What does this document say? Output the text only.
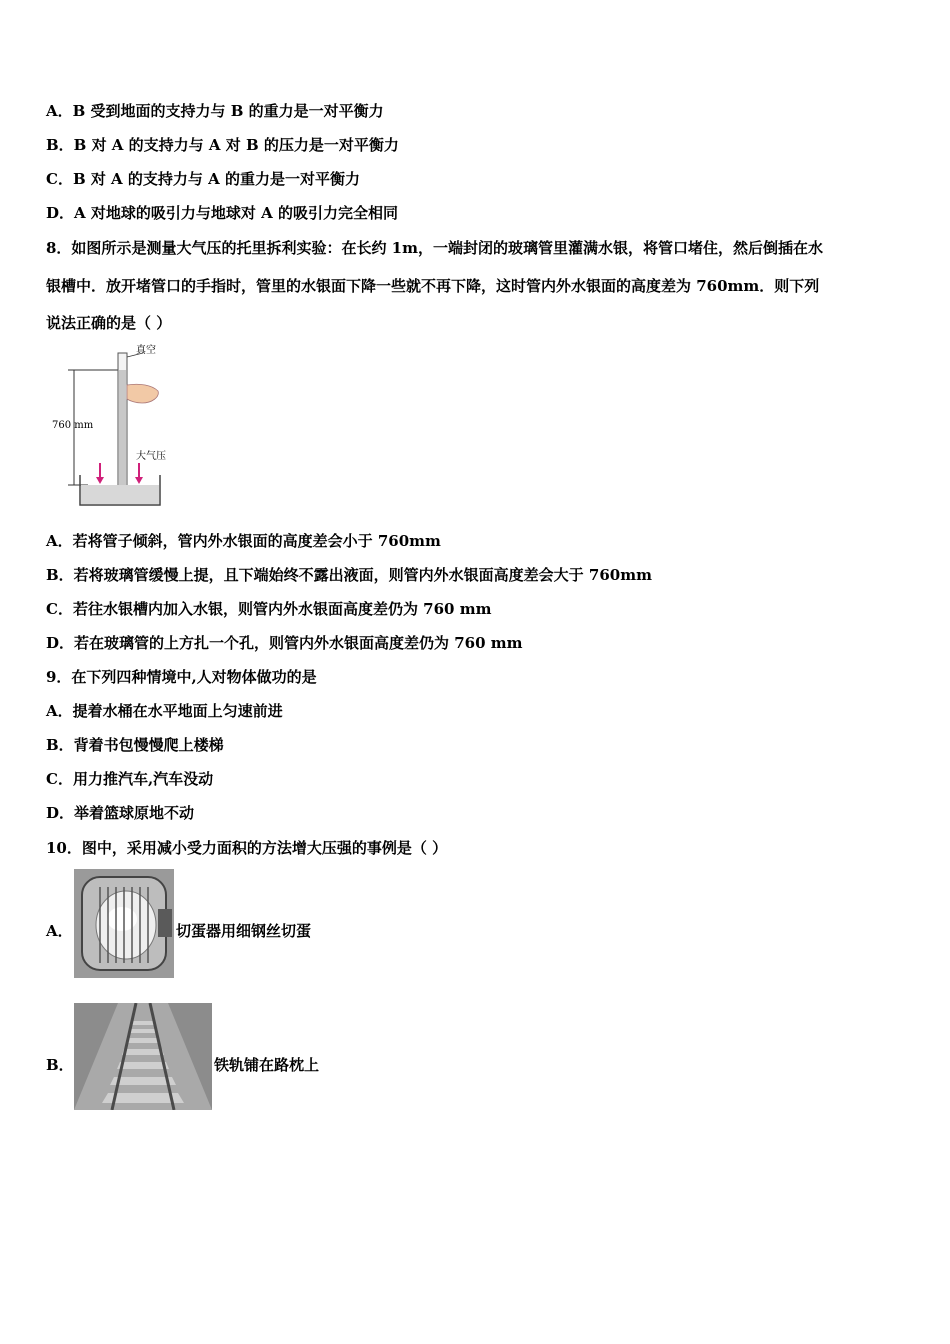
A．B 受到地面的支持力与 B 的重力是一对平衡力
B．B 对 A 的支持力与 A 对 B 的压力是一对平衡力
C．B 对 A 的支持力与 A 的重力是一对平衡力
D．A 对地球的吸引力与地球对 A 的吸引力完全相同
8．如图所示是测量大气压的托里拆利实验：在长约 1m，一端封闭的玻璃管里灌满水银，将管口堵住，然后倒插在水
银槽中．放开堵管口的手指时，管里的水银面下降一些就不再下降，这时管内外水银面的高度差为 760mm．则下列
说法正确的是（ ）
真空
760 mm
大气压
A．若将管子倾斜，管内外水银面的高度差会小于 760mm
B．若将玻璃管缓慢上提，且下端始终不露出液面，则管内外水银面高度差会大于 760mm
C．若往水银槽内加入水银，则管内外水银面高度差仍为 760 mm
D．若在玻璃管的上方扎一个孔，则管内外水银面高度差仍为 760 mm
9．在下列四种情境中,人对物体做功的是
A．提着水桶在水平地面上匀速前进
B．背着书包慢慢爬上楼梯
C．用力推汽车,汽车没动
D．举着篮球原地不动
10．图中，采用减小受力面积的方法增大压强的事例是（ ）
A．	切蛋器用细钢丝切蛋
B．	铁轨铺在路枕上
